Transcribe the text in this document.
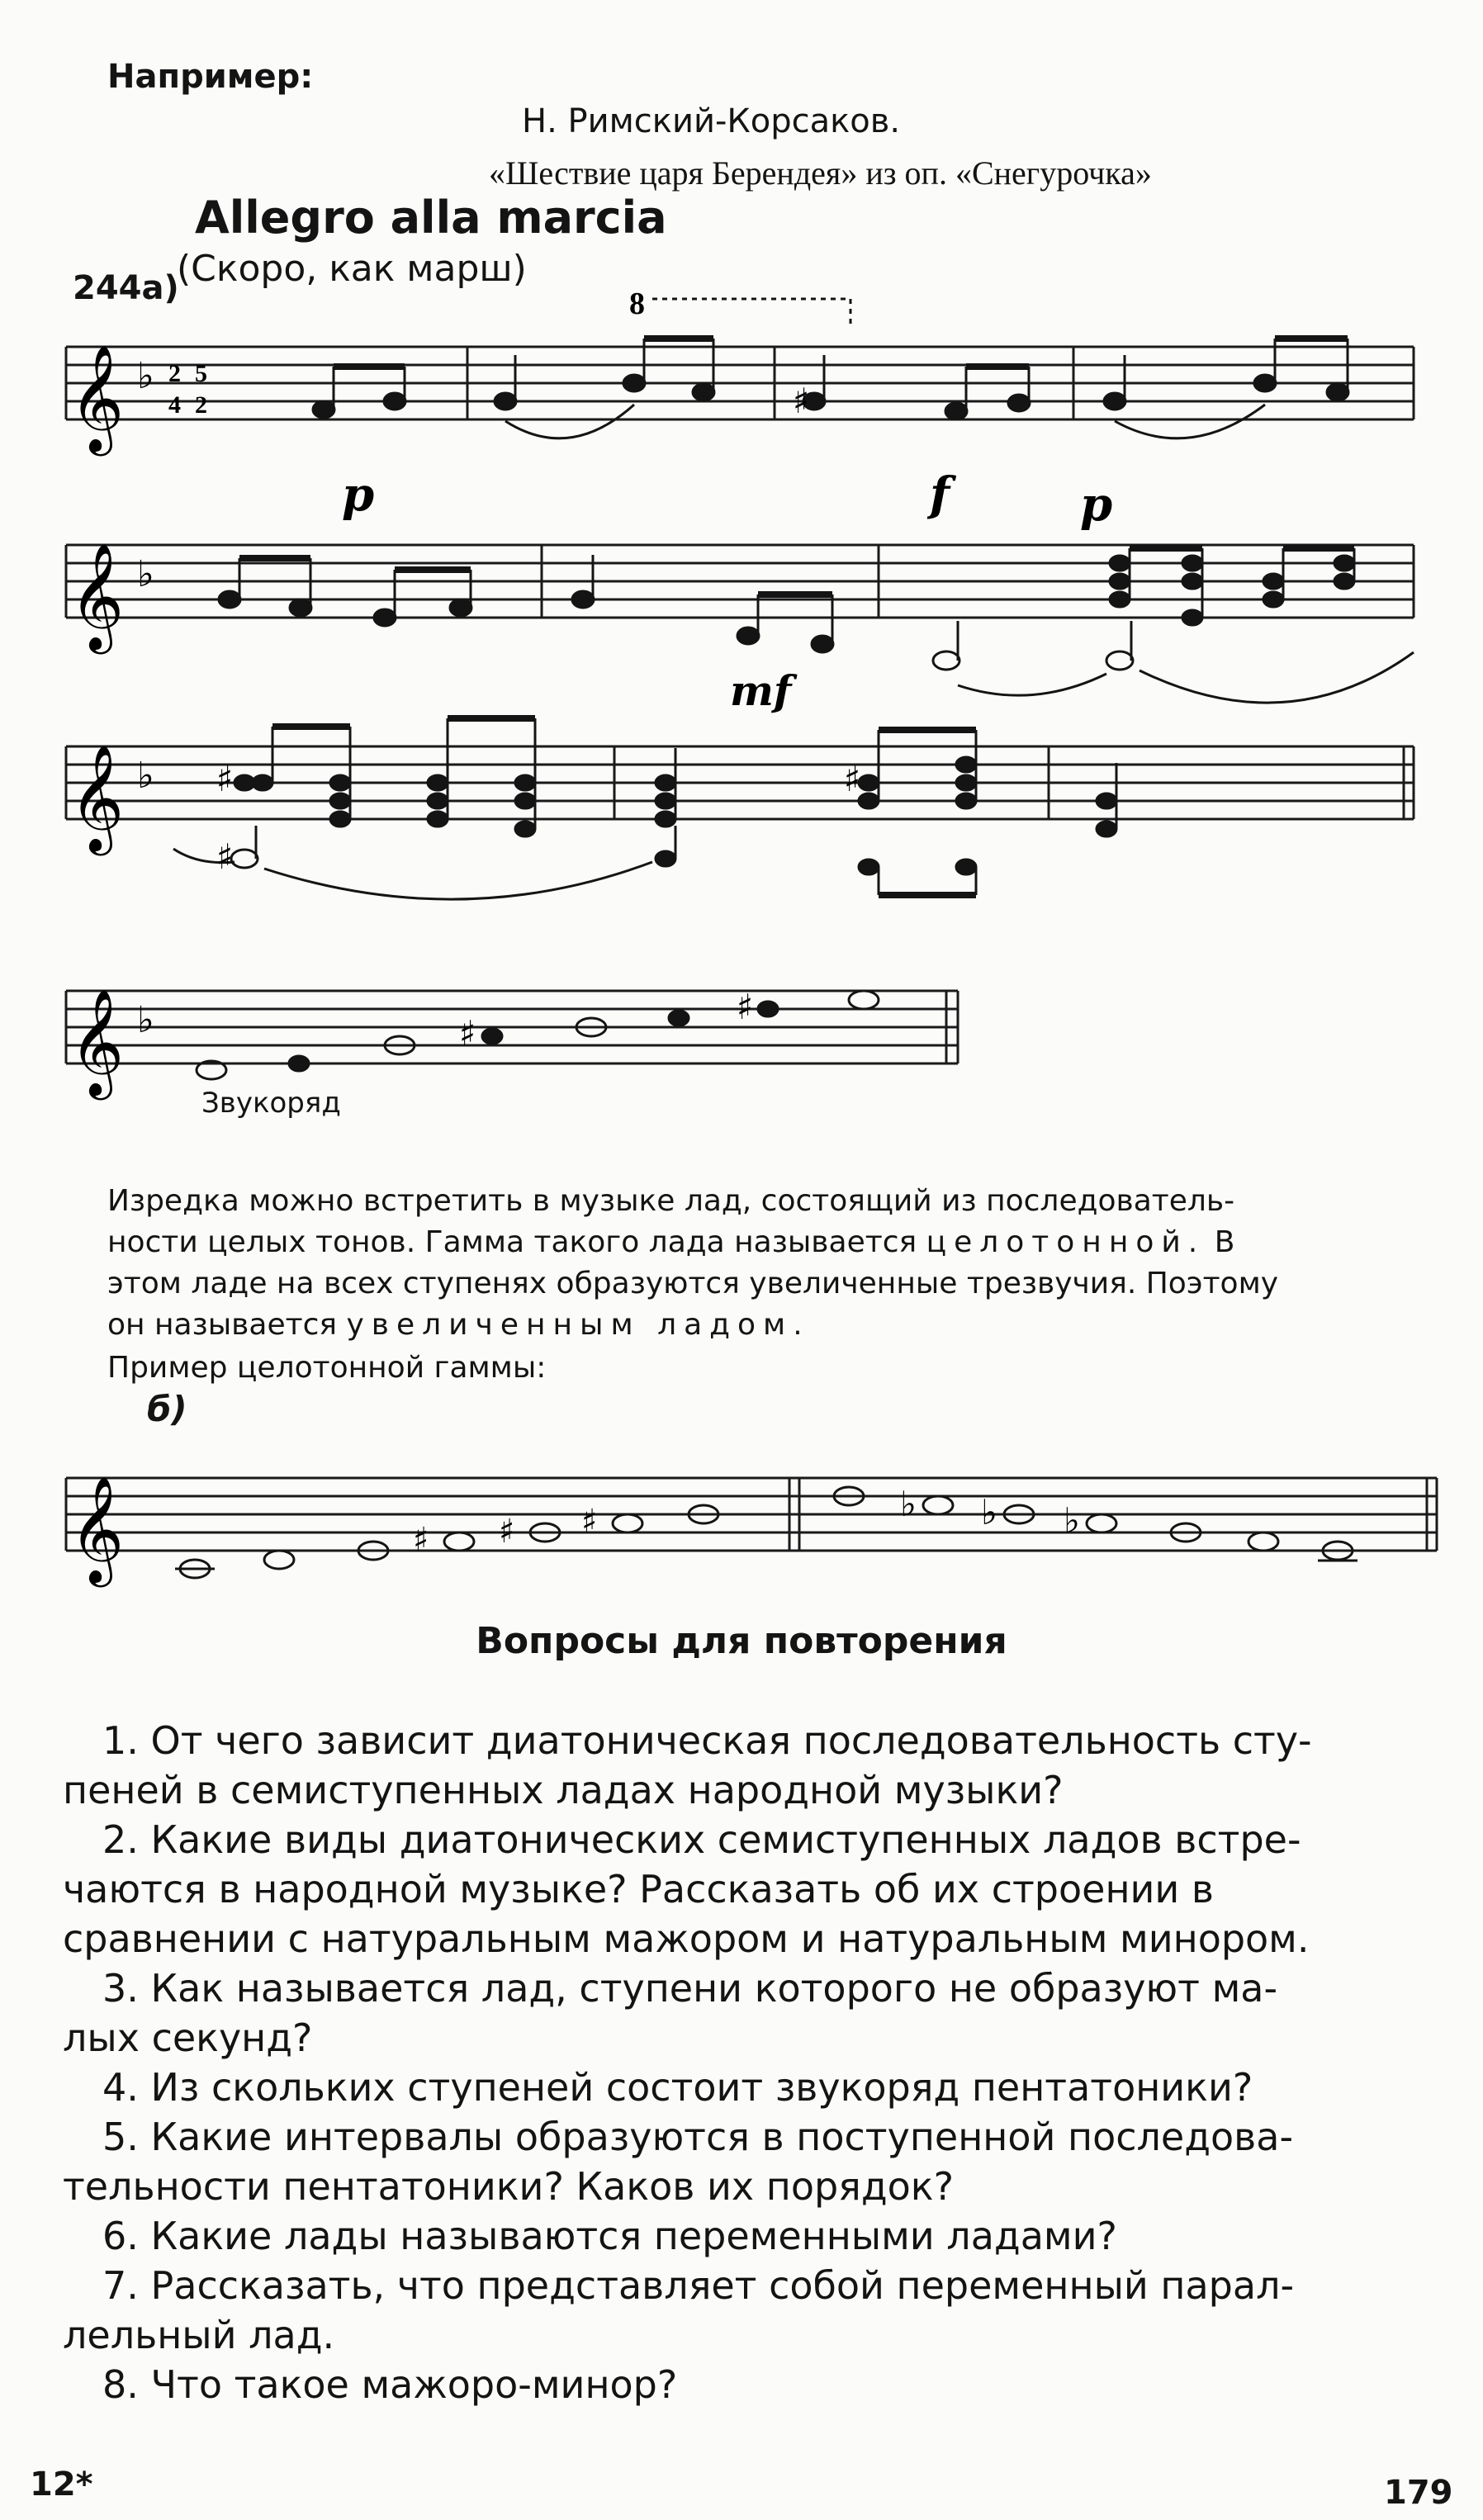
Например:
Н. Римский-Корсаков.
«Шествие царя Берендея» из оп. «Снегурочка»
Allegro alla marcia
(Скоро, как марш)
244а)
𝄞 ♭ 2
4
5
2	♯
8
p	f
𝄞 ♭
p
mf
𝄞 ♭ ♯	♯
♯
𝄞 ♭	♯
♯
𝄞	♯ ♯ ♯	♭ ♭ ♭
Звукоряд
Изредка можно встретить в музыке лад, состоящий из последователь-
ности целых тонов. Гамма такого лада называется целотонной. В
этом ладе на всех ступенях образуются увеличенные трезвучия. Поэтому
он называется увеличенным ладом.
Пример целотонной гаммы:
б)
Вопросы для повторения
1. От чего зависит диатоническая последовательность сту-
пеней в семиступенных ладах народной музыки?
2. Какие виды диатонических семиступенных ладов встре-
чаются в народной музыке? Рассказать об их строении в
сравнении с натуральным мажором и натуральным минором.
3. Как называется лад, ступени которого не образуют ма-
лых секунд?
4. Из скольких ступеней состоит звукоряд пентатоники?
5. Какие интервалы образуются в поступенной последова-
тельности пентатоники? Каков их порядок?
6. Какие лады называются переменными ладами?
7. Рассказать, что представляет собой переменный парал-
лельный лад.
8. Что такое мажоро-минор?
12*	179
